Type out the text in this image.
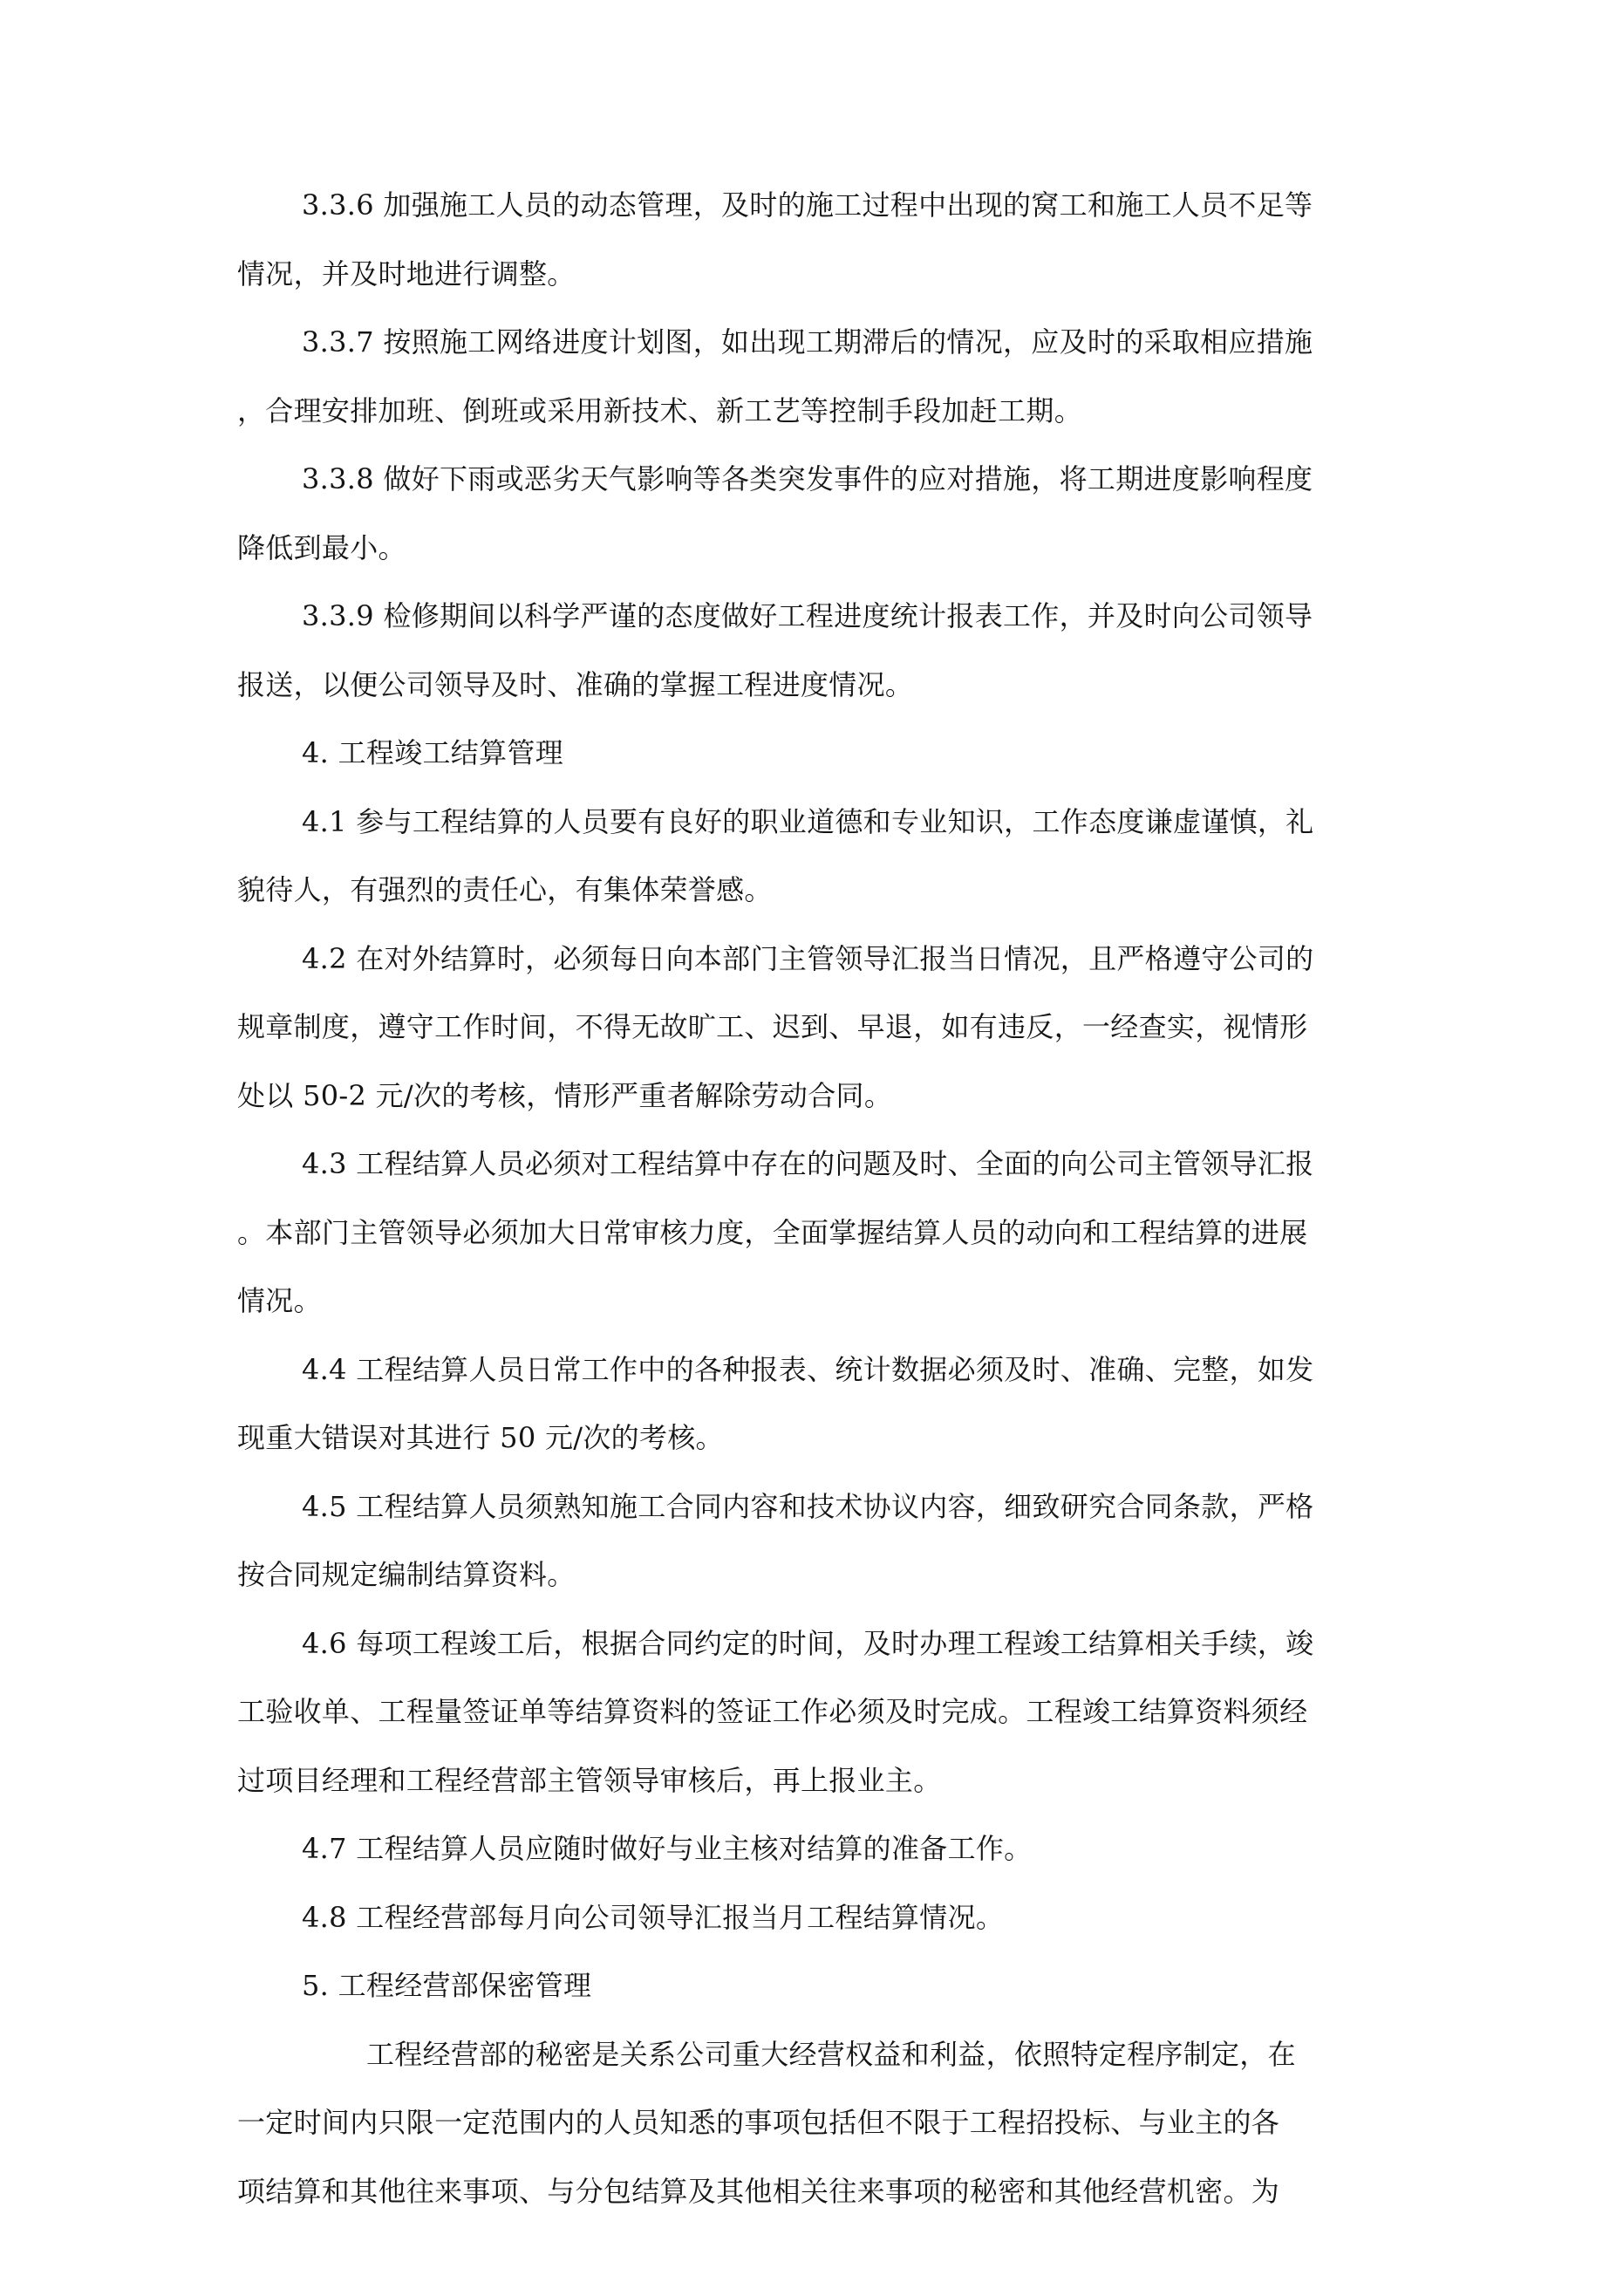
3.3.6 加强施工人员的动态管理，及时的施工过程中出现的窝工和施工人员不足等
情况，并及时地进行调整。

3.3.7 按照施工网络进度计划图，如出现工期滞后的情况，应及时的采取相应措施
，合理安排加班、倒班或采用新技术、新工艺等控制手段加赶工期。

3.3.8 做好下雨或恶劣天气影响等各类突发事件的应对措施，将工期进度影响程度
降低到最小。

3.3.9 检修期间以科学严谨的态度做好工程进度统计报表工作，并及时向公司领导
报送，以便公司领导及时、准确的掌握工程进度情况。

4. 工程竣工结算管理

4.1 参与工程结算的人员要有良好的职业道德和专业知识，工作态度谦虚谨慎，礼
貌待人，有强烈的责任心，有集体荣誉感。

4.2 在对外结算时，必须每日向本部门主管领导汇报当日情况，且严格遵守公司的
规章制度，遵守工作时间，不得无故旷工、迟到、早退，如有违反，一经查实，视情形
处以 50-2 元/次的考核，情形严重者解除劳动合同。

4.3 工程结算人员必须对工程结算中存在的问题及时、全面的向公司主管领导汇报
。本部门主管领导必须加大日常审核力度，全面掌握结算人员的动向和工程结算的进展
情况。

4.4 工程结算人员日常工作中的各种报表、统计数据必须及时、准确、完整，如发
现重大错误对其进行 50 元/次的考核。

4.5 工程结算人员须熟知施工合同内容和技术协议内容，细致研究合同条款，严格
按合同规定编制结算资料。

4.6 每项工程竣工后，根据合同约定的时间，及时办理工程竣工结算相关手续，竣
工验收单、工程量签证单等结算资料的签证工作必须及时完成。工程竣工结算资料须经
过项目经理和工程经营部主管领导审核后，再上报业主。

4.7 工程结算人员应随时做好与业主核对结算的准备工作。

4.8 工程经营部每月向公司领导汇报当月工程结算情况。

5. 工程经营部保密管理

工程经营部的秘密是关系公司重大经营权益和利益，依照特定程序制定，在
一定时间内只限一定范围内的人员知悉的事项包括但不限于工程招投标、与业主的各
项结算和其他往来事项、与分包结算及其他相关往来事项的秘密和其他经营机密。为
